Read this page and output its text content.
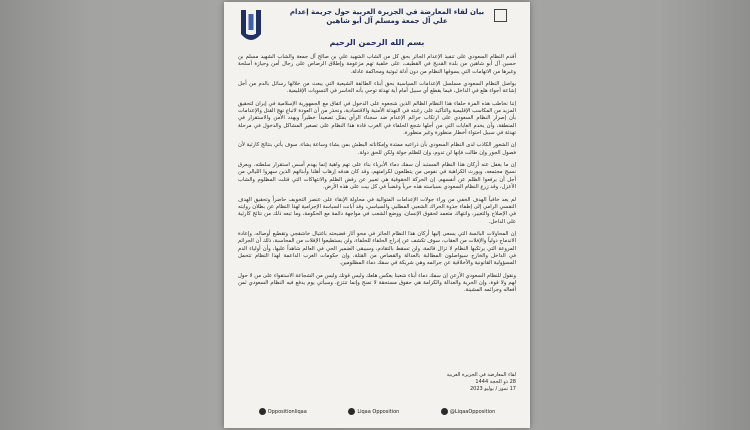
بيان لقاء المعارضة في الجزيرة العربية حول جريمة إعدام علي آل جمعة ومسلم آل أبو شاهين
بسم الله الرحمن الرحيم

أقدم النظام السعودي على تنفيذ الإعدام الجائر بحق كل من الشاب الشهيد علي بن صالح آل جمعة والشاب الشهيد مسلم بن حسين آل أبو شاهين من بلدة القديح في القطيف، على خلفية تهم مزعومة وإطلاق الرصاص على رجال أمن وحيازة أسلحة وغيرها من الاتهامات التي يسوقها النظام من دون أدلة ثبوتية ومحاكمة عادلة.

يواصل النظام السعودي مسلسل الإعدامات السياسية بحق أبناء الطائفة الشيعية التي يبعث من خلالها رسائل بالدم من أجل إشاعة أجواء هلع في الداخل، فيما يقطع أي سبيل أمام أية تهدئة توحي بأنه الخاسر في التسويات الإقليمية.

إننا نخاطب هذه المرة حلفاء هذا النظام الظالم الذين شجعوه على الدخول في اتفاق مع الجمهورية الإسلامية في إيران لتحقيق المزيد من المكاسب الإقليمية والتأكيد على رغبته في التهدئة الأمنية والاقتصادية، ونحذر من أن العودة لاتباع نهج القتل والإعدامات بأن إصرار النظام السعودي على ارتكاب جرائم الإعدام ضد سجناء الرأي يمثل تصعيداً خطيراً ويهدد الأمن والاستقرار في المنطقة، وأن يخدم الغايات التي من أجلها شجع الحلفاء في الغرب قادة هذا النظام على تصغير المشاكل والدخول في مرحلة تهدئة في سبيل احتواء أخطار منظورة وغير منظورة.

إن الشعور الكاذب لدى النظام السعودي بأن ذراعيه ممتدة وإمكاناته البطش بمن يشاء وساعة يشاء، سوف يأتي بنتائج كارثية لأن فصول الجور وإن طالت فإنها لن تدوم، وإن للظلم جولة ولكن للحق دولة.

إن ما يغفل عنه أركان هذا النظام المستبد أن سفك دماء الأبرياء بناء على تهم واهية إنما يهدم أسس استقرار سلطته، ويعرق نسيج مجتمعه، ويورث الكراهية في نفوس من يتطلعون لكرامتهم، وقد كان هدفه إرهاب أهلنا وأبنائهم الذين سهروا الليالي من أجل أن يرفعوا الظلم عن أنفسهم. إن الحركة الحقوقية هي تعبير عن رفض الظلم والانتهاكات التي قتلت المظلوم والشاب الأعزل، وقد زرع النظام السعودي بسياسته هذه حرباً وغضباً في كل بيت على هذه الأرض.

لم يعد خافياً الهدف الخفي من وراء جولات الإعدامات المتوالية في محاولة الإبقاء على عنصر التخويف حاضراً وتحقيق الهدف النفسي الرامي إلى إطفاء جذوة الحراك الشعبي المطلبي والسياسي، وقد أبانت السياسة الإجرامية لهذا النظام عن بطلان روايته في الإصلاح والتغيير، وانتهاك متعمد لحقوق الإنسان، ووضع الشعب في مواجهة دائمة مع الحكومة، وما تبعه ذلك من نتائج كارثية على الداخل.

إن المحاولات البائسة التي يسعى إليها أركان هذا النظام الجائر في محو آثار فضيحته باغتيال خاشقجي وتقطيع أوصاله، وإعادة الاندماج دولياً والإفلات من العقاب، سوف تكشف عن إدراج الحلفاء للحلفاء، ولن يستطيعوا الإفلات من المحاسبة، ذلك أن الجرائم المروعة التي يرتكبها النظام لا تزال قائمة، ولن تسقط بالتقادم، وسيبقى الضمير الحي في العالم شاهداً عليها، وأن أولياء الدم في الداخل والخارج سيواصلون المطالبة بالعدالة والقصاص من القتلة، وإن حكومات الغرب الداعمة لهذا النظام تتحمل المسؤولية القانونية والأخلاقية عن جرائمه وهي شريكة في سفك دماء المظلومين.

ونقول للنظام السعودي الأرعن إن سفك دماء أبناء شعبنا يعكس هلعك وليس قوتك وليس من الشجاعة الاستقواء على من لا حول لهم ولا قوة، وإن الحرية والعدالة والكرامة هي حقوق مستحقة لا تمنح وإنما تنتزع، وسيأتي يوم يدفع فيه النظام السعودي ثمن أفعاله وجرائمه المشينة.

لقاء المعارضة في الجزيرة العربية
28 ذو الحجة 1444
17 تموز / يوليو 2023
@LiqaaOpposition
Liqaa Opposition
Oppositionliqaa
